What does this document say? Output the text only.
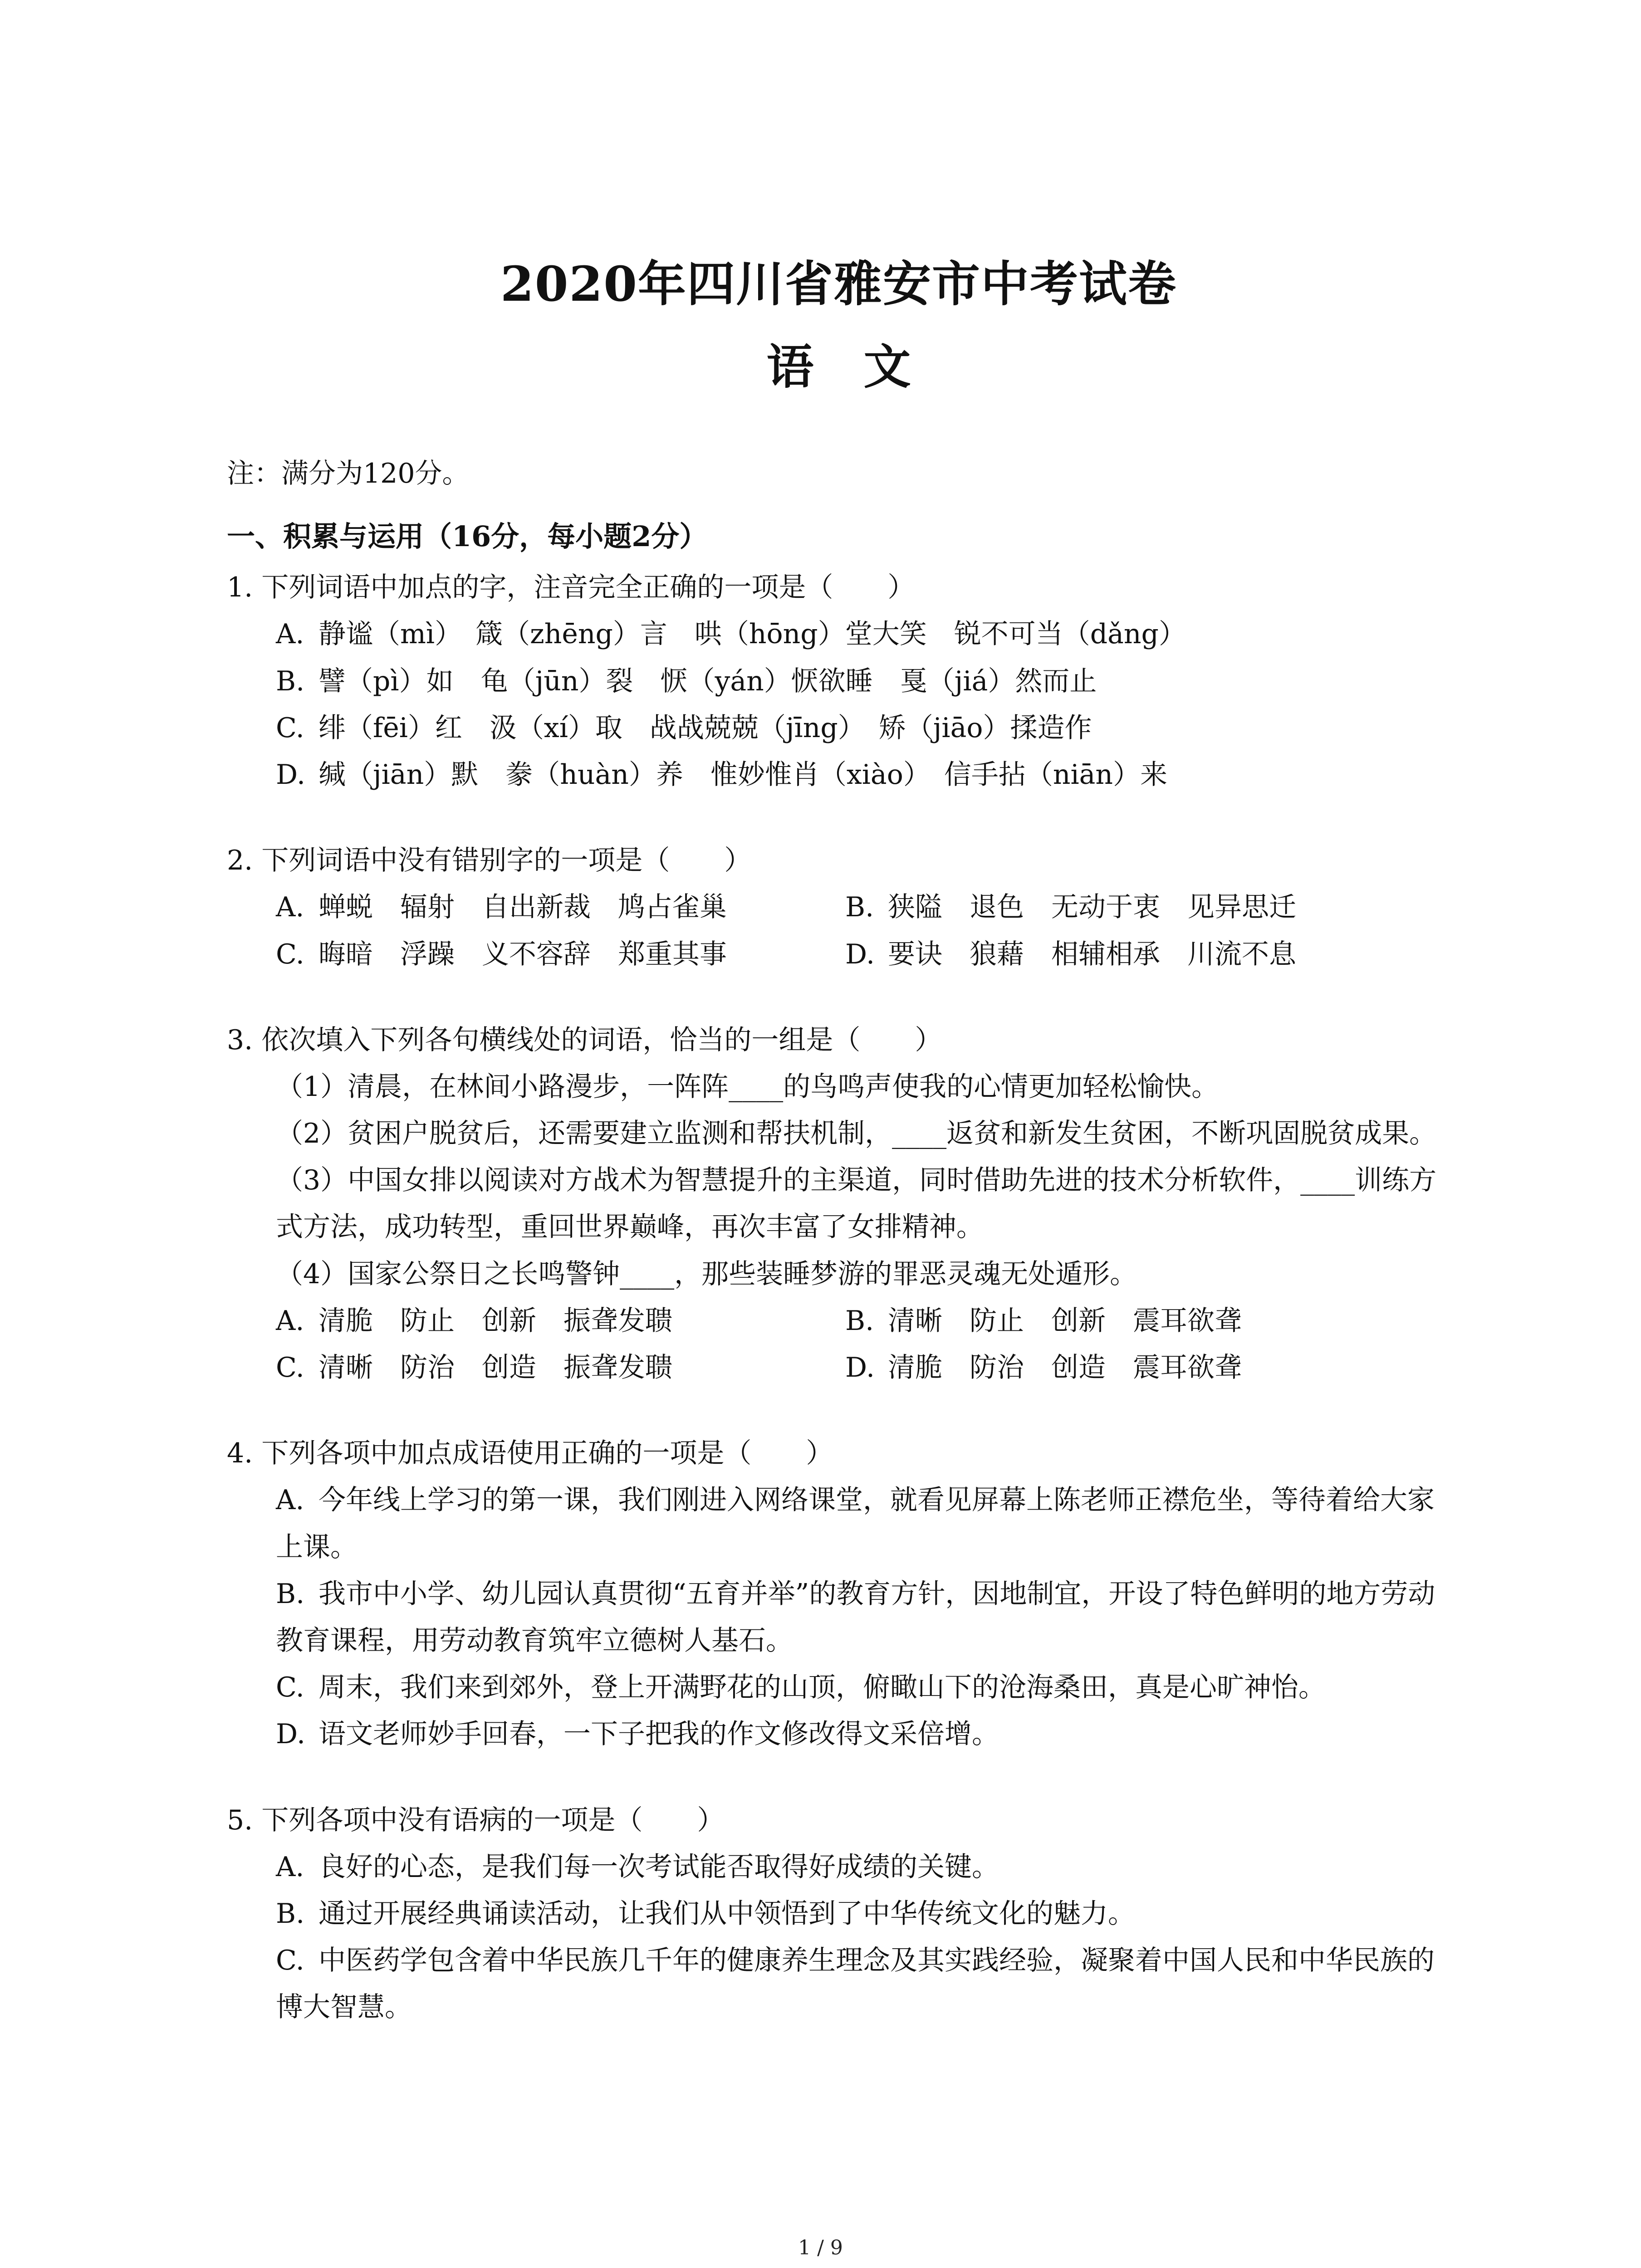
2020年四川省雅安市中考试卷
语文
注：满分为120分。
一、积累与运用（16分，每小题2分）
1. 下列词语中加点的字，注音完全正确的一项是（　　）
A. 静谧（mì）　箴（zhēng）言　哄（hōng）堂大笑　锐不可当（dǎng）
B. 譬（pì）如　龟（jūn）裂　恹（yán）恹欲睡　戛（jiá）然而止
C. 绯（fēi）红　汲（xí）取　战战兢兢（jīng）　矫（jiāo）揉造作
D. 缄（jiān）默　豢（huàn）养　惟妙惟肖（xiào）　信手拈（niān）来
2. 下列词语中没有错别字的一项是（　　）
A. 蝉蜕　辐射　自出新裁　鸠占雀巢	B. 狭隘　退色　无动于衷　见异思迁
C. 晦暗　浮躁　义不容辞　郑重其事	D. 要诀　狼藉　相辅相承　川流不息
3. 依次填入下列各句横线处的词语，恰当的一组是（　　）
（1）清晨，在林间小路漫步，一阵阵____的鸟鸣声使我的心情更加轻松愉快。
（2）贫困户脱贫后，还需要建立监测和帮扶机制，____返贫和新发生贫困，不断巩固脱贫成果。
（3）中国女排以阅读对方战术为智慧提升的主渠道，同时借助先进的技术分析软件，____训练方式方法，成功转型，重回世界巅峰，再次丰富了女排精神。
（4）国家公祭日之长鸣警钟____，那些装睡梦游的罪恶灵魂无处遁形。
A. 清脆　防止　创新　振聋发聩	B. 清晰　防止　创新　震耳欲聋
C. 清晰　防治　创造　振聋发聩	D. 清脆　防治　创造　震耳欲聋
4. 下列各项中加点成语使用正确的一项是（　　）
A. 今年线上学习的第一课，我们刚进入网络课堂，就看见屏幕上陈老师正襟危坐，等待着给大家上课。
B. 我市中小学、幼儿园认真贯彻“五育并举”的教育方针，因地制宜，开设了特色鲜明的地方劳动教育课程，用劳动教育筑牢立德树人基石。
C. 周末，我们来到郊外，登上开满野花的山顶，俯瞰山下的沧海桑田，真是心旷神怡。
D. 语文老师妙手回春，一下子把我的作文修改得文采倍增。
5. 下列各项中没有语病的一项是（　　）
A. 良好的心态，是我们每一次考试能否取得好成绩的关键。
B. 通过开展经典诵读活动，让我们从中领悟到了中华传统文化的魅力。
C. 中医药学包含着中华民族几千年的健康养生理念及其实践经验，凝聚着中国人民和中华民族的博大智慧。
1 / 9
